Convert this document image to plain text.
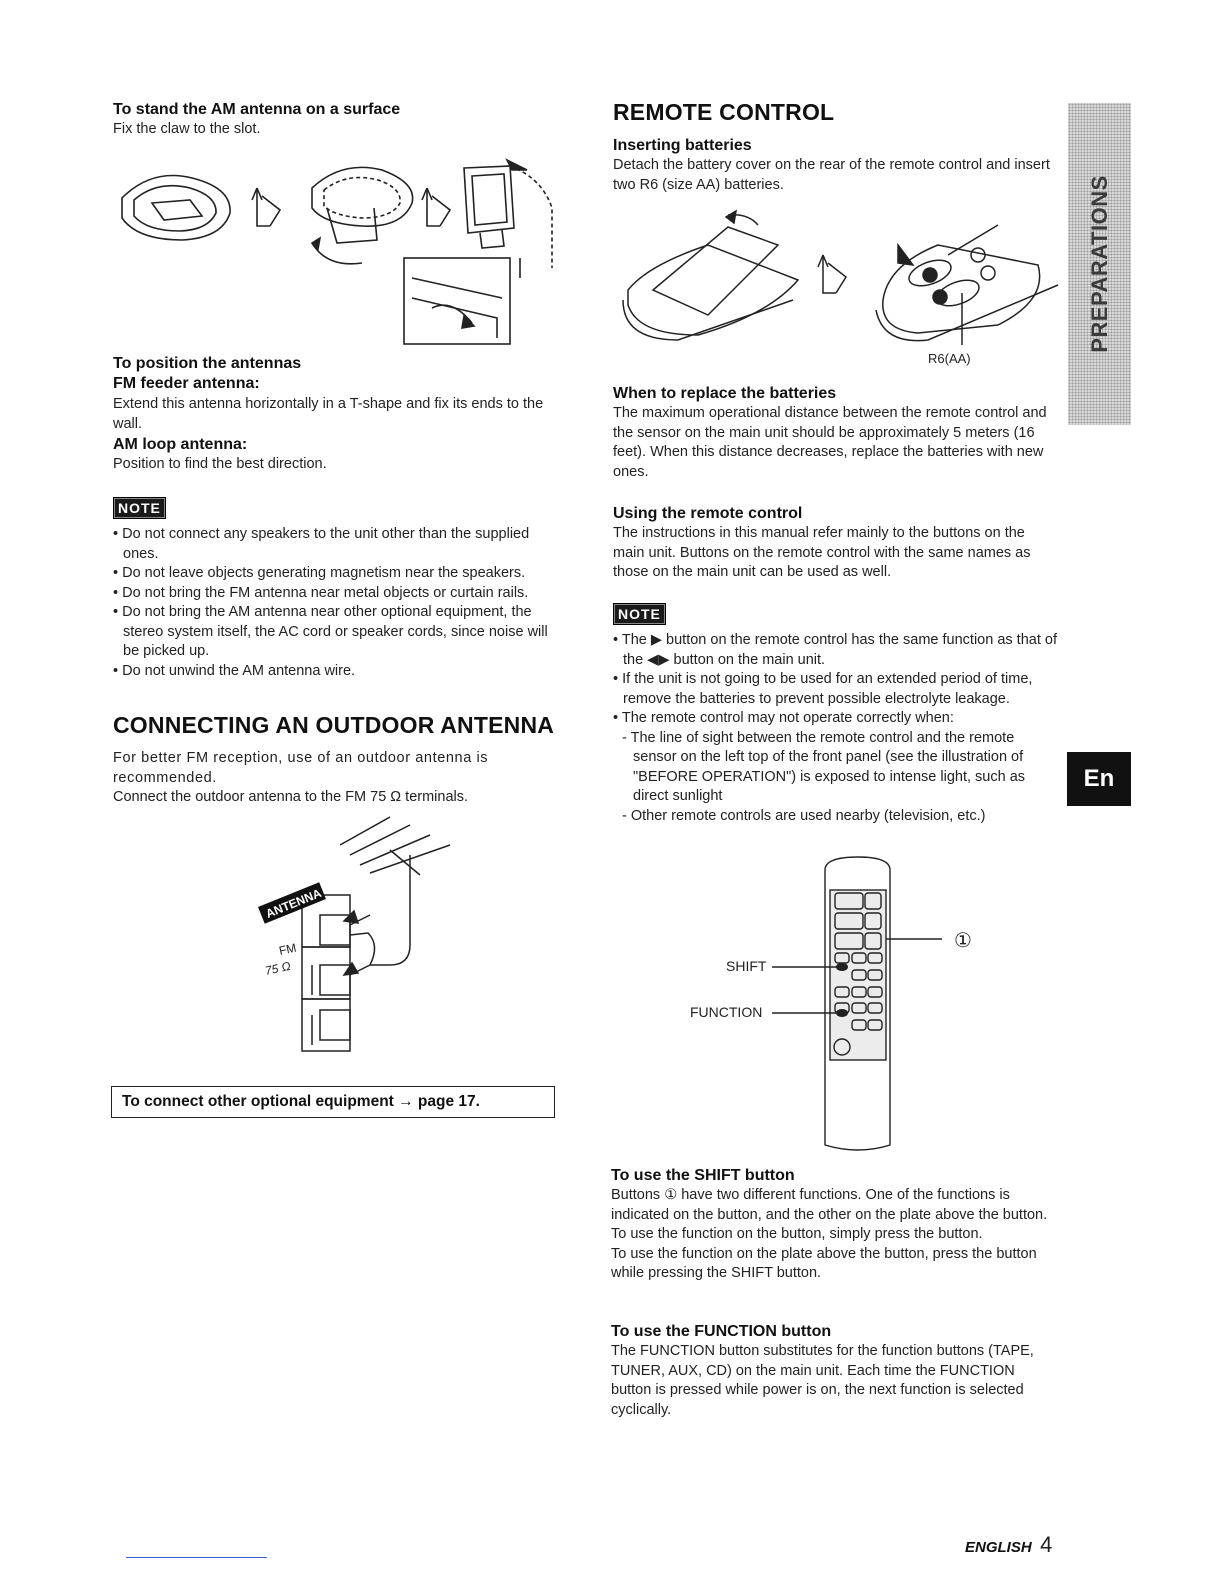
To stand the AM antenna on a surface

Fix the claw to the slot.

To position the antennas

FM feeder antenna:

Extend this antenna horizontally in a T-shape and fix its ends to the wall.

AM loop antenna:

Position to find the best direction.

NOTE
• Do not connect any speakers to the unit other than the supplied ones.
• Do not leave objects generating magnetism near the speakers.
• Do not bring the FM antenna near metal objects or curtain rails.
• Do not bring the AM antenna near other optional equipment, the stereo system itself, the AC cord or speaker cords, since noise will be picked up.
• Do not unwind the AM antenna wire.

CONNECTING AN OUTDOOR ANTENNA

For better FM reception, use of an outdoor antenna is recommended.

Connect the outdoor antenna to the FM 75 Ω terminals.

ANTENNA
FM
75 Ω
To connect other optional equipment → page 17.

REMOTE CONTROL

Inserting batteries

Detach the battery cover on the rear of the remote control and insert two R6 (size AA) batteries.

R6(AA)

When to replace the batteries

The maximum operational distance between the remote control and the sensor on the main unit should be approximately 5 meters (16 feet). When this distance decreases, replace the batteries with new ones.

Using the remote control

The instructions in this manual refer mainly to the buttons on the main unit. Buttons on the remote control with the same names as those on the main unit can be used as well.

NOTE
• The ▶ button on the remote control has the same function as that of the ◀▶ button on the main unit.
• If the unit is not going to be used for an extended period of time, remove the batteries to prevent possible electrolyte leakage.
• The remote control may not operate correctly when:
- The line of sight between the remote control and the remote sensor on the left top of the front panel (see the illustration of "BEFORE OPERATION") is exposed to intense light, such as direct sunlight
- Other remote controls are used nearby (television, etc.)
SHIFT
FUNCTION
①

To use the SHIFT button

Buttons ① have two different functions. One of the functions is indicated on the button, and the other on the plate above the button.

To use the function on the button, simply press the button.

To use the function on the plate above the button, press the button while pressing the SHIFT button.

To use the FUNCTION button

The FUNCTION button substitutes for the function buttons (TAPE, TUNER, AUX, CD) on the main unit. Each time the FUNCTION button is pressed while power is on, the next function is selected cyclically.

PREPARATIONS
En
ENGLISH 4
